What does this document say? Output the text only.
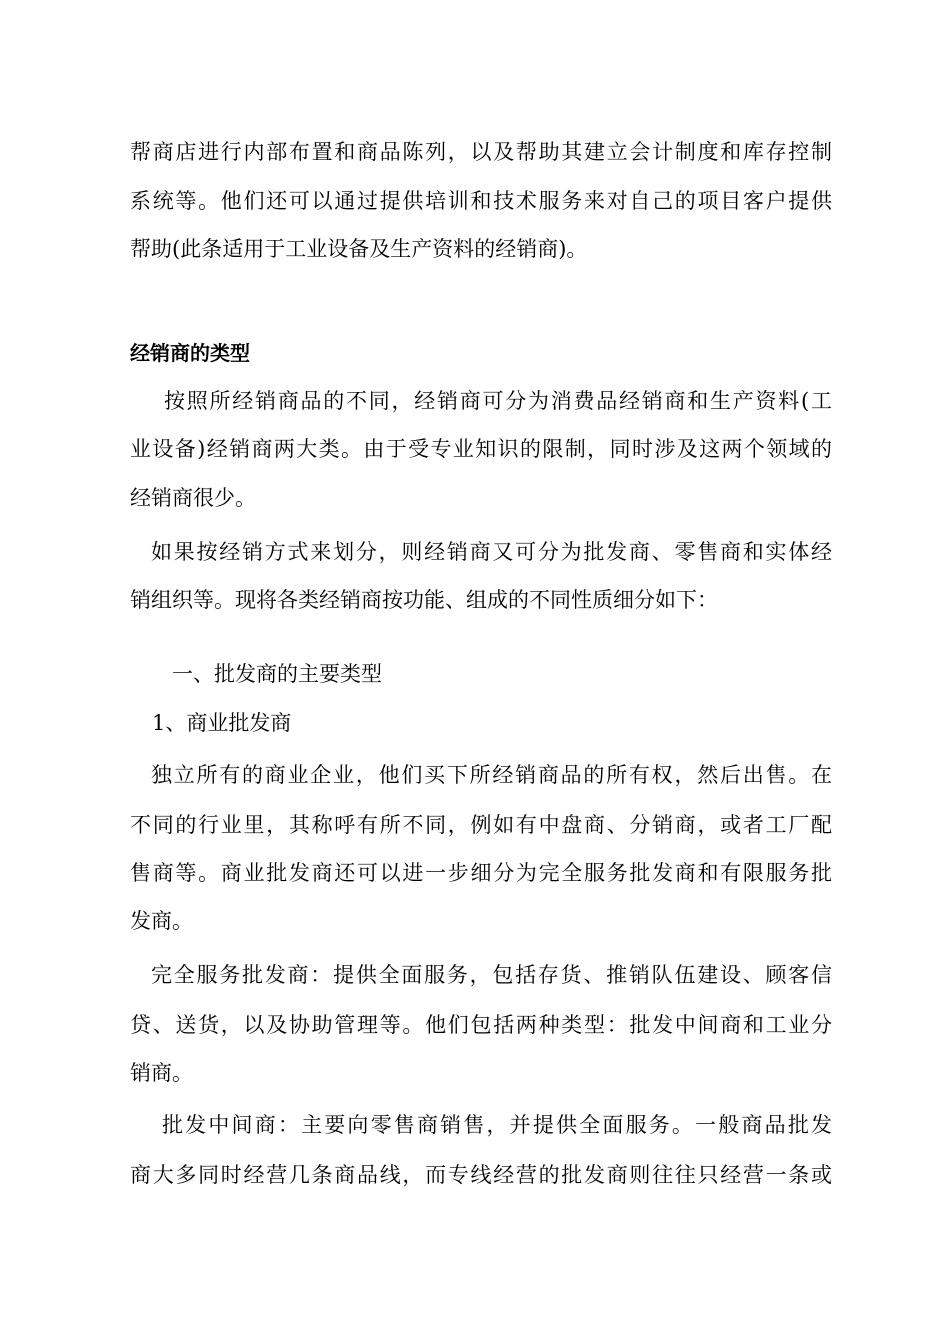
帮商店进行内部布置和商品陈列，以及帮助其建立会计制度和库存控制
系统等。他们还可以通过提供培训和技术服务来对自己的项目客户提供
帮助(此条适用于工业设备及生产资料的经销商)。
经销商的类型
按照所经销商品的不同，经销商可分为消费品经销商和生产资料(工
业设备)经销商两大类。由于受专业知识的限制，同时涉及这两个领域的
经销商很少。
如果按经销方式来划分，则经销商又可分为批发商、零售商和实体经
销组织等。现将各类经销商按功能、组成的不同性质细分如下：
一、批发商的主要类型
1、商业批发商
独立所有的商业企业，他们买下所经销商品的所有权，然后出售。在
不同的行业里，其称呼有所不同，例如有中盘商、分销商，或者工厂配
售商等。商业批发商还可以进一步细分为完全服务批发商和有限服务批
发商。
完全服务批发商：提供全面服务，包括存货、推销队伍建设、顾客信
贷、送货，以及协助管理等。他们包括两种类型：批发中间商和工业分
销商。
批发中间商：主要向零售商销售，并提供全面服务。一般商品批发
商大多同时经营几条商品线，而专线经营的批发商则往往只经营一条或
